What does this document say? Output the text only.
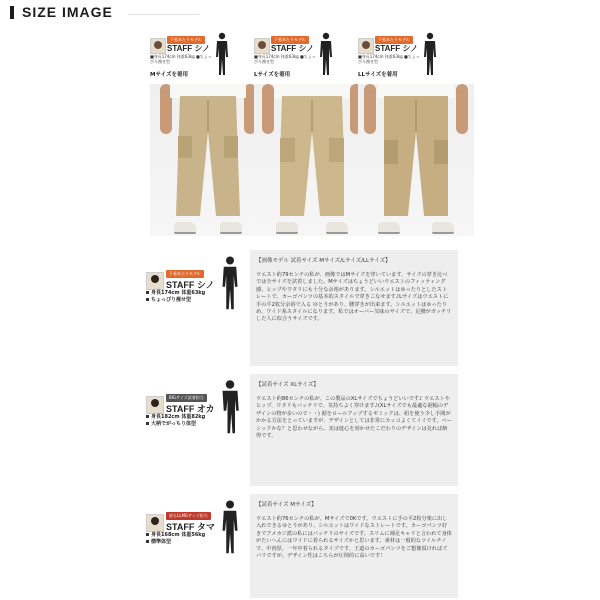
SIZE IMAGE	──────────────────────────────────
下着あたりモデル
STAFF シノ
■身長174cm 体重63kg ■ちょっぴり痩せ型
Mサイズを着用
下着あたりモデル
STAFF シノ
■身長174cm 体重63kg ■ちょっぴり痩せ型
Lサイズを着用
下着あたりモデル
STAFF シノ
■身長174cm 体重63kg ■ちょっぴり痩せ型
LLサイズを着用
下着あたりモデル
STAFF シノ
身長174cm 体重63kg
ちょっぴり痩せ型
【画像モデル 試着サイズ Mサイズ/Lサイズ/LLサイズ】

ウエスト約79センチの私が、画像ではMサイズを穿いています。サイズの穿き比べでは全サイズを試着しました。Mサイズはちょうどいいウエストのフィッティング感、ヒップやワタリにも十分な余裕があります。シルエットはゆったりとしたストレートで、カーゴパンツの基本的スタイルで穿きこなせます♪Lサイズはウエストに手の平2枚分余裕で入る ゆとりがあり、腰穿きが出来ます。シルエットはゆったりめ、ワイド系スタイルになります。私ではオーバー気味のサイズで、足腰がガッチリした人に似合うサイズです。

BIGサイズ試着担当
STAFF オカ
身長182cm 体重82kg
大柄でがっちり体型
【試着サイズ XLサイズ】

ウエスト約86センチの私が、この製品のXLサイズでちょうどいいです♪ ウエストやヒップ、ワタリもバッチリで、気持ちよく穿けます♪(XLサイズでも最適な裾幅のデザインの物が多いので・・) 裾をロールアップするギミックは、紐を使う少し手間がかかる方法をとっていますが、デザインとしては非常にカッコよくてイイです。ベーシックかな？と思わせながら、実は遊心を効かせたこだわりのデザインは見れば納得です。

最もLLMGサイズ担当
STAFF タマ
身長168cm 体重56kg
標準体型
【試着サイズ Mサイズ】

ウエスト約76センチの私が、Mサイズで0Kです。ウエストに手の平2枚分楽に出し入れできるゆとりがあり、シルエットはワイドなストレートです。カーゴパンツ好きでアメカジ派の私にはバッチリのサイズです。スリムに補足キャリと言われて身体がたいへんにはワイドに着られるサイズかと思います。素材は一般的なツイルチノで、中肉厚。一年中着られるタイプです。王道のカーゴパンツをご想像頂ければズバリですが、デザイン性はこちらが圧倒的に高いです！
